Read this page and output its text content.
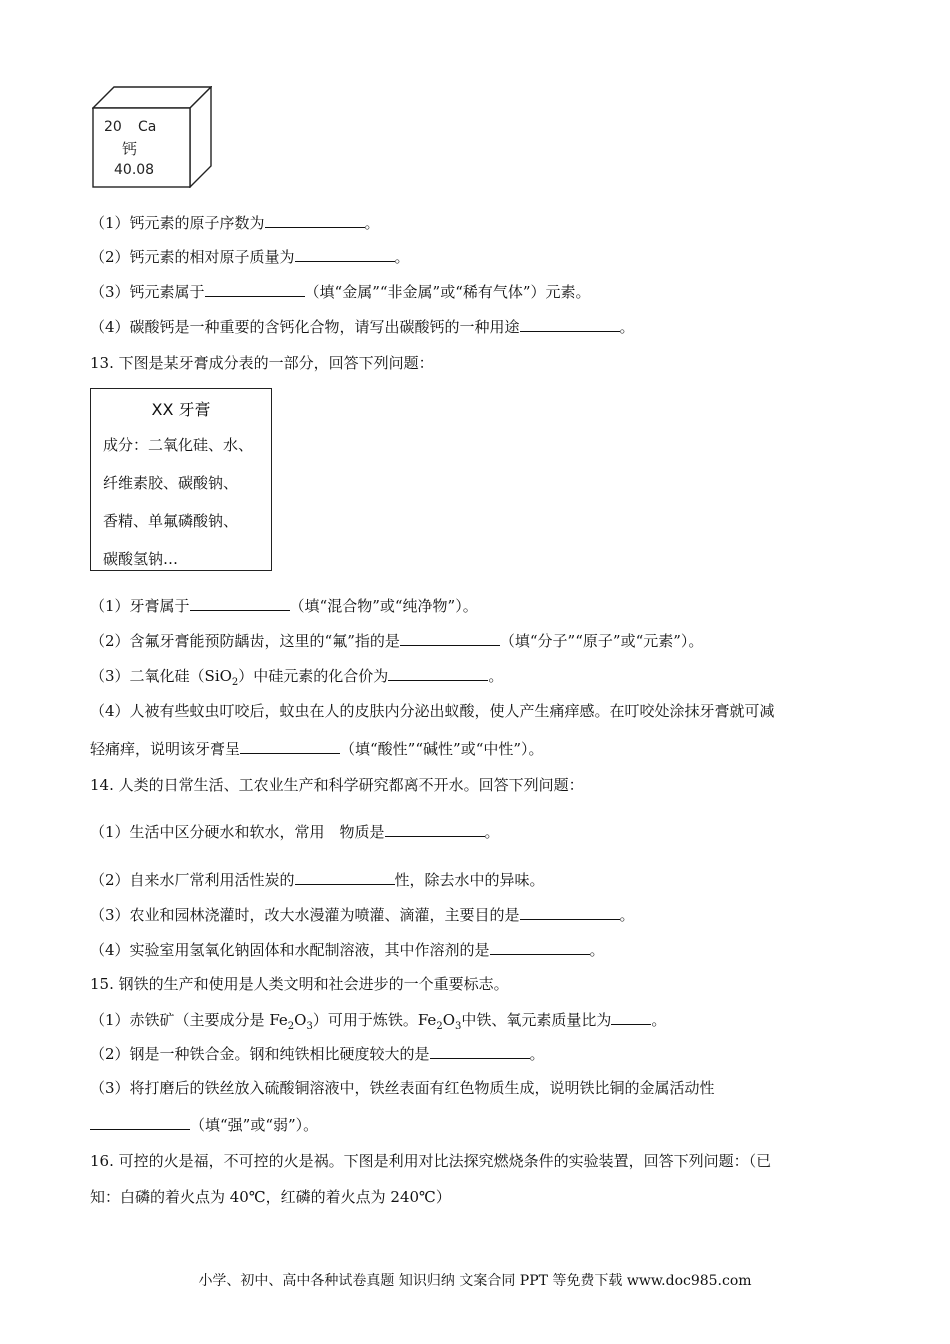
20 Ca
钙
40.08
（1）钙元素的原子序数为	。
（2）钙元素的相对原子质量为	。
（3）钙元素属于	（填“金属”“非金属”或“稀有气体”）元素。
（4）碳酸钙是一种重要的含钙化合物，请写出碳酸钙的一种用途	。
13. 下图是某牙膏成分表的一部分，回答下列问题：
XX 牙膏
成分：二氧化硅、水、
纤维素胶、碳酸钠、
香精、单氟磷酸钠、
碳酸氢钠…
（1）牙膏属于	（填“混合物”或“纯净物”）。
（2）含氟牙膏能预防龋齿，这里的“氟”指的是	（填“分子”“原子”或“元素”）。
（3）二氧化硅（SiO$_2$）中硅元素的化合价为	。
（4）人被有些蚊虫叮咬后，蚊虫在人的皮肤内分泌出蚁酸，使人产生痛痒感。在叮咬处涂抹牙膏就可减
轻痛痒，说明该牙膏呈	（填“酸性”“碱性”或“中性”）。
14. 人类的日常生活、工农业生产和科学研究都离不开水。回答下列问题：
（1）生活中区分硬水和软水，常用　物质是	。
（2）自来水厂常利用活性炭的	性，除去水中的异味。
（3）农业和园林浇灌时，改大水漫灌为喷灌、滴灌，主要目的是	。
（4）实验室用氢氧化钠固体和水配制溶液，其中作溶剂的是	。
15. 钢铁的生产和使用是人类文明和社会进步的一个重要标志。
（1）赤铁矿（主要成分是 $Fe_2O_3$）可用于炼铁。$Fe_2O_3$中铁、氧元素质量比为	。
（2）钢是一种铁合金。钢和纯铁相比硬度较大的是	。
（3）将打磨后的铁丝放入硫酸铜溶液中，铁丝表面有红色物质生成，说明铁比铜的金属活动性
（填“强”或“弱”）。
16. 可控的火是福，不可控的火是祸。下图是利用对比法探究燃烧条件的实验装置，回答下列问题：（已
知：白磷的着火点为 40℃，红磷的着火点为 240℃）
小学、初中、高中各种试卷真题 知识归纳 文案合同 PPT 等免费下载 www.doc985.com
